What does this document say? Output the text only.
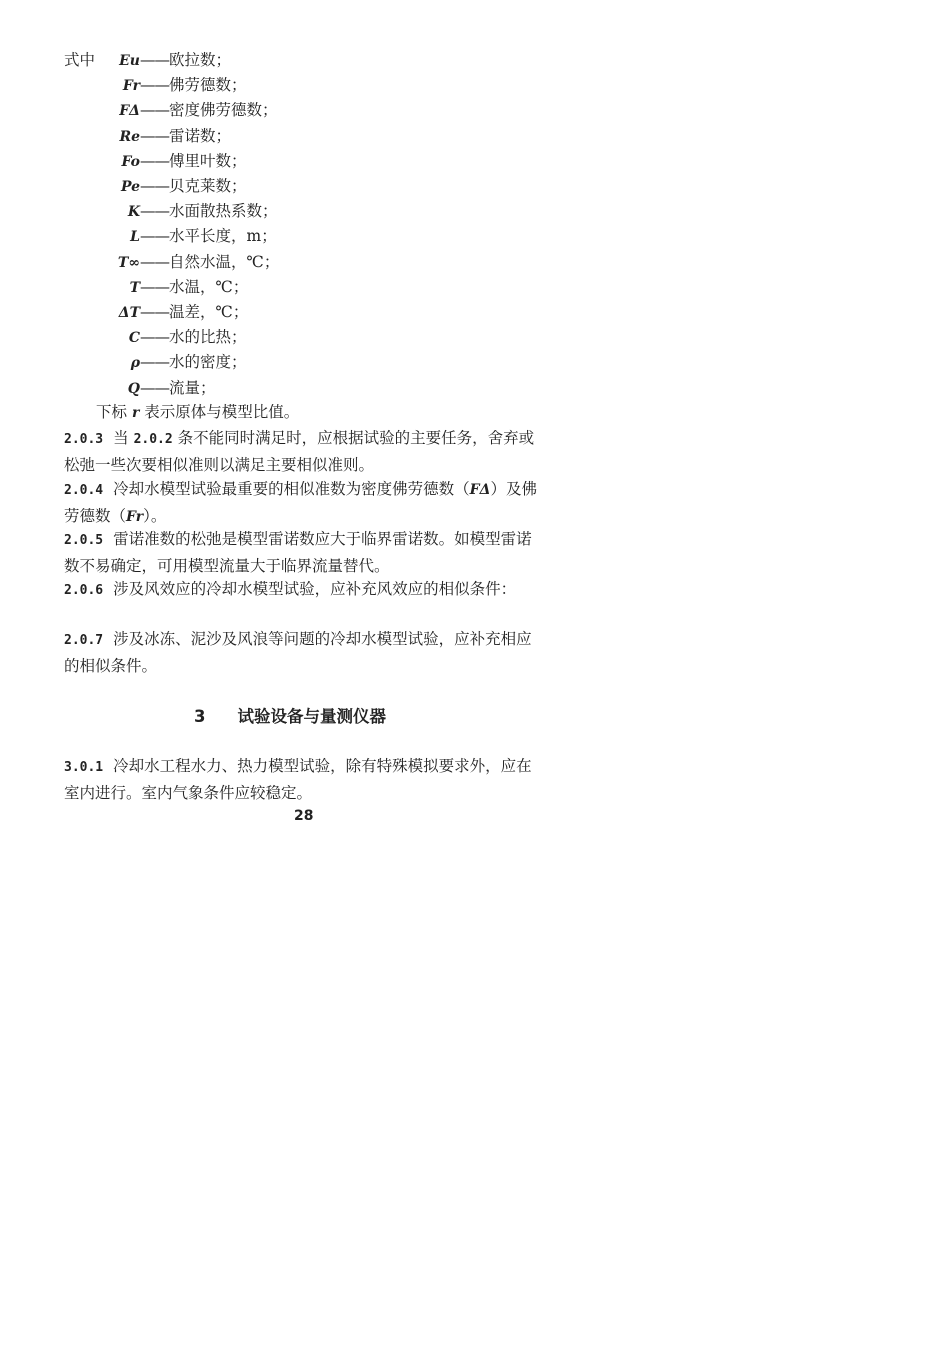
式中	Eu——欧拉数；
Fr——佛劳德数；
FΔ——密度佛劳德数；
Re——雷诺数；
Fo——傅里叶数；
Pe——贝克莱数；
K——水面散热系数；
L——水平长度，m；
T∞——自然水温，℃；
T——水温，℃；
ΔT——温差，℃；
C——水的比热；
ρ——水的密度；
Q——流量；
下标 r 表示原体与模型比值。
2.0.3 当 2.0.2 条不能同时满足时，应根据试验的主要任务，舍弃或松弛一些次要相似准则以满足主要相似准则。
2.0.4 冷却水模型试验最重要的相似准数为密度佛劳德数（FΔ）及佛劳德数（Fr）。
2.0.5 雷诺准数的松弛是模型雷诺数应大于临界雷诺数。如模型雷诺数不易确定，可用模型流量大于临界流量替代。
2.0.6 涉及风效应的冷却水模型试验，应补充风效应的相似条件：
2.0.7 涉及冰冻、泥沙及风浪等问题的冷却水模型试验，应补充相应的相似条件。
3 试验设备与量测仪器
3.0.1 冷却水工程水力、热力模型试验，除有特殊模拟要求外，应在室内进行。室内气象条件应较稳定。
28
